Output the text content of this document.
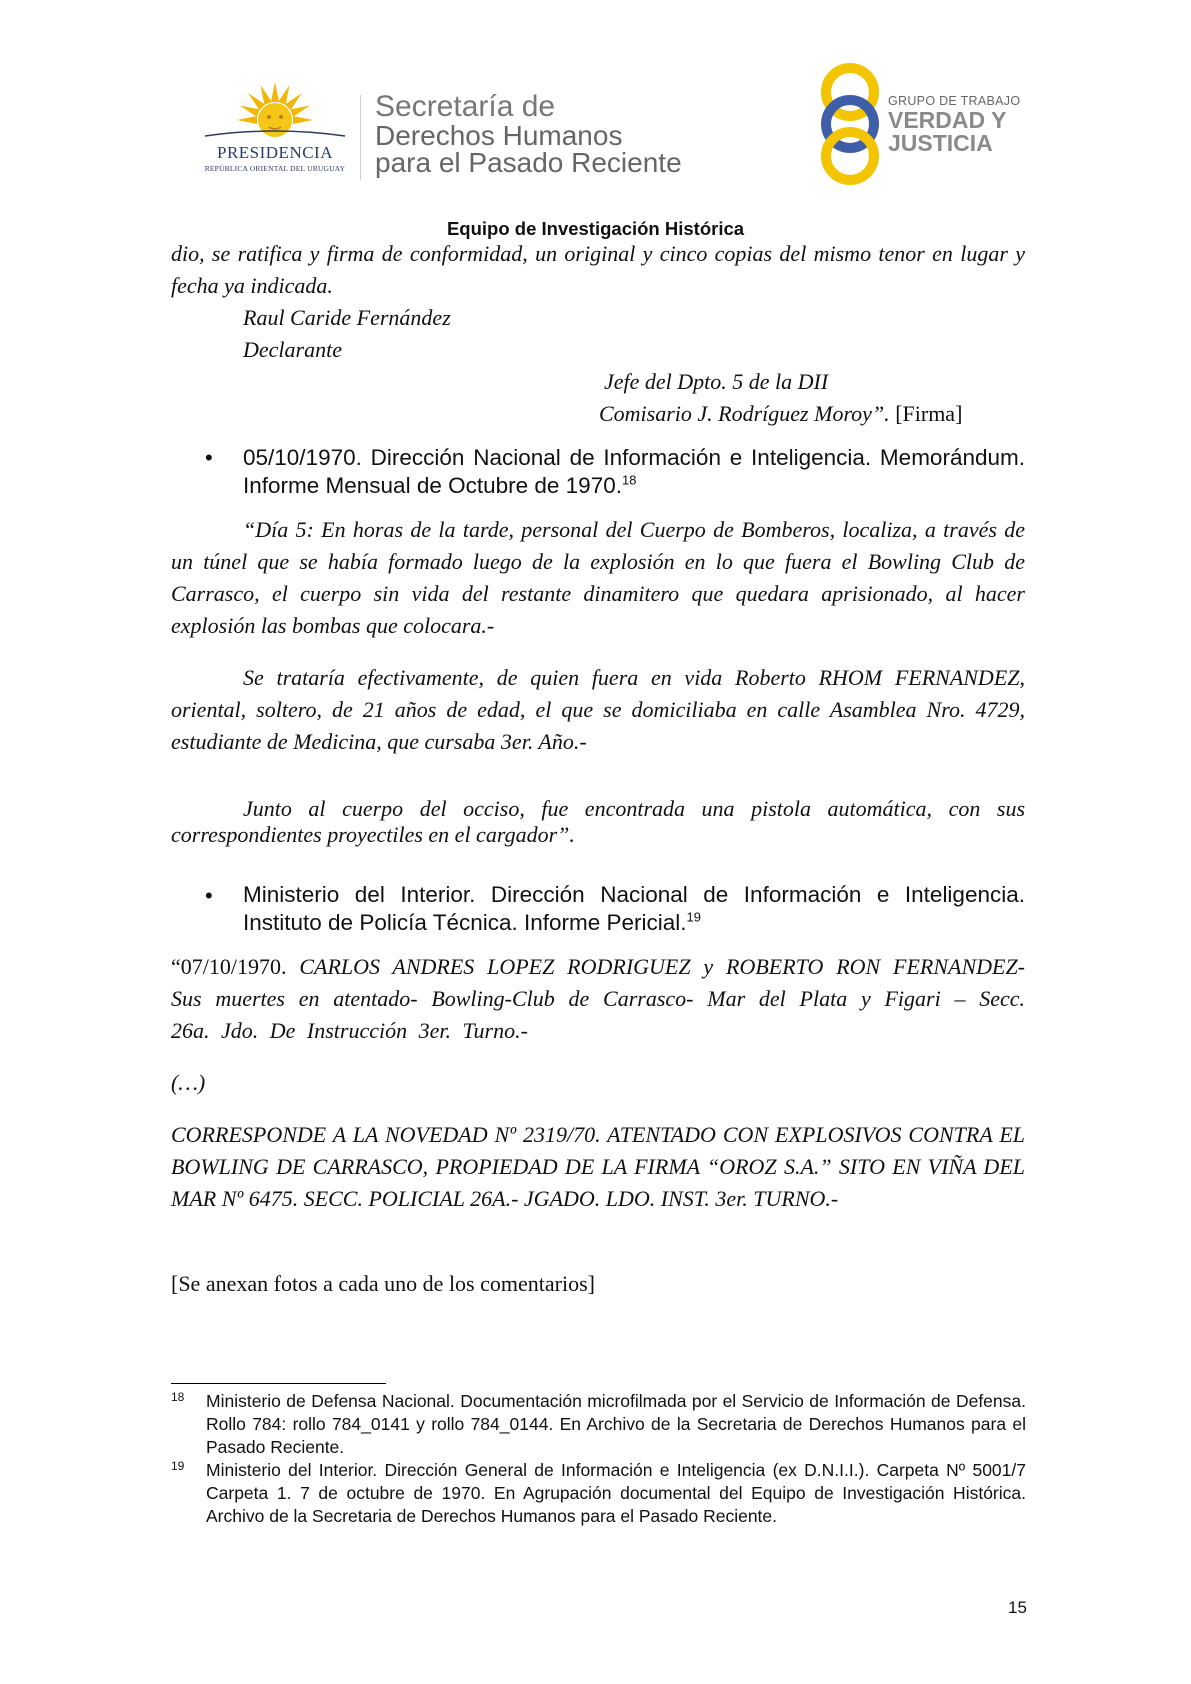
PRESIDENCIA
REPÚBLICA ORIENTAL DEL URUGUAY
Secretaría de
Derechos Humanos
para el Pasado Reciente
GRUPO DE TRABAJO
VERDAD Y
JUSTICIA
Equipo de Investigación Histórica
dio, se ratifica y firma de conformidad, un original y cinco copias del mismo tenor en lugar y fecha ya indicada.
Raul Caride Fernández
Declarante
Jefe del Dpto. 5 de la DII
Comisario J. Rodríguez Moroy”. [Firma]
• 05/10/1970. Dirección Nacional de Información e Inteligencia. Memorándum. Informe Mensual de Octubre de 1970.18
“Día 5: En horas de la tarde, personal del Cuerpo de Bomberos, localiza, a través de un túnel que se había formado luego de la explosión en lo que fuera el Bowling Club de Carrasco, el cuerpo sin vida del restante dinamitero que quedara aprisionado, al hacer explosión las bombas que colocara.-
Se trataría efectivamente, de quien fuera en vida Roberto RHOM FERNANDEZ, oriental, soltero, de 21 años de edad, el que se domiciliaba en calle Asamblea Nro. 4729, estudiante de Medicina, que cursaba 3er. Año.-
Junto al cuerpo del occiso, fue encontrada una pistola automática, con sus correspondientes proyectiles en el cargador”.
• Ministerio del Interior. Dirección Nacional de Información e Inteligencia. Instituto de Policía Técnica. Informe Pericial.$^{19}$
“07/10/1970. CARLOS ANDRES LOPEZ RODRIGUEZ y ROBERTO RON FERNANDEZ- Sus muertes en atentado- Bowling-Club de Carrasco- Mar del Plata y Figari – Secc. 26a. Jdo. De Instrucción 3er. Turno.-
(…)
CORRESPONDE A LA NOVEDAD Nº 2319/70. ATENTADO CON EXPLOSIVOS CONTRA EL BOWLING DE CARRASCO, PROPIEDAD DE LA FIRMA “OROZ S.A.” SITO EN VIÑA DEL MAR Nº 6475. SECC. POLICIAL 26A.- JGADO. LDO. INST. 3er. TURNO.-
[Se anexan fotos a cada uno de los comentarios]
18 Ministerio de Defensa Nacional. Documentación microfilmada por el Servicio de Información de Defensa. Rollo 784: rollo 784_0141 y rollo 784_0144. En Archivo de la Secretaria de Derechos Humanos para el Pasado Reciente.
19 Ministerio del Interior. Dirección General de Información e Inteligencia (ex D.N.I.I.). Carpeta Nº 5001/7 Carpeta 1. 7 de octubre de 1970. En Agrupación documental del Equipo de Investigación Histórica. Archivo de la Secretaria de Derechos Humanos para el Pasado Reciente.
15
